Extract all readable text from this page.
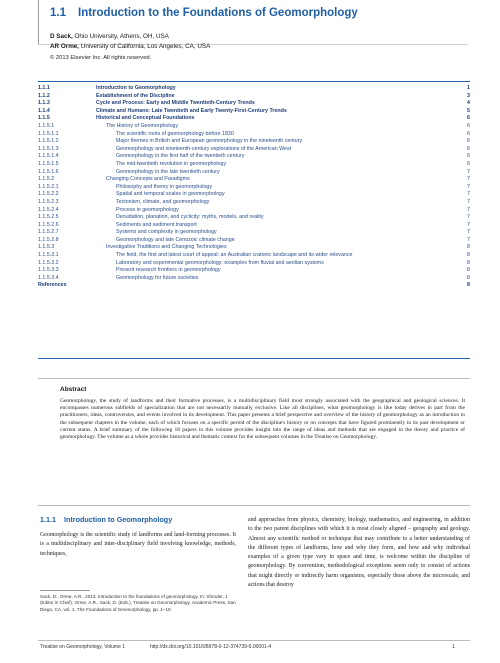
1.1 Introduction to the Foundations of Geomorphology
D Sack, Ohio University, Athens, OH, USA
AR Orme, University of California, Los Angeles, CA, USA
© 2013 Elsevier Inc. All rights reserved.
1.1.1	Introduction to Geomorphology	1
1.1.2	Establishment of the Discipline	3
1.1.3	Cycle and Process: Early and Middle Twentieth-Century Trends	4
1.1.4	Climate and Humans: Late Twentieth and Early Twenty-First-Century Trends	5
1.1.5	Historical and Conceptual Foundations	6
1.1.5.1	The History of Geomorphology	6
1.1.5.1.1	The scientific roots of geomorphology before 1830	6
1.1.5.1.2	Major themes in British and European geomorphology in the nineteenth century	6
1.1.5.1.3	Geomorphology and nineteenth-century explorations of the American West	6
1.1.5.1.4	Geomorphology in the first half of the twentieth century	6
1.1.5.1.5	The mid-twentieth revolution in geomorphology	6
1.1.5.1.6	Geomorphology in the late twentieth century	7
1.1.5.2	Changing Concepts and Paradigms	7
1.1.5.2.1	Philosophy and theory in geomorphology	7
1.1.5.2.2	Spatial and temporal scales in geomorphology	7
1.1.5.2.3	Tectonism, climate, and geomorphology	7
1.1.5.2.4	Process in geomorphology	7
1.1.5.2.5	Denudation, planation, and cyclicity: myths, models, and reality	7
1.1.5.2.6	Sediments and sediment transport	7
1.1.5.2.7	Systems and complexity in geomorphology	7
1.1.5.2.8	Geomorphology and late Cenozoic climate change	7
1.1.5.3	Investigative Traditions and Changing Technologies	8
1.1.5.3.1	The field, the first and latest court of appeal: an Australian cratonic landscape and its wider relevance	8
1.1.5.3.2	Laboratory and experimental geomorphology: examples from fluvial and aeolian systems	8
1.1.5.3.3	Present research frontiers in geomorphology	8
1.1.5.3.4	Geomorphology for future societies	8
References	8
Abstract
Geomorphology, the study of landforms and their formative processes, is a multidisciplinary field most strongly associated with the geographical and geological sciences. It encompasses numerous subfields of specialization that are not necessarily mutually exclusive. Like all disciplines, what geomorphology is like today derives in part from the practitioners, ideas, controversies, and events involved in its development. This paper presents a brief perspective and overview of the history of geomorphology as an introduction to the subsequent chapters in the volume, each of which focuses on a specific period of the discipline's history or on concepts that have figured prominently in its past development or current status. A brief summary of the following 18 papers in this volume provides insight into the range of ideas and methods that are engaged in the theory and practice of geomorphology. The volume as a whole provides historical and thematic context for the subsequent volumes in the Treatise on Geomorphology.
1.1.1 Introduction to Geomorphology
Geomorphology is the scientific study of landforms and land-forming processes. It is a multidisciplinary and inter-disciplinary field involving knowledge, methods, techniques,
and approaches from physics, chemistry, biology, mathematics, and engineering, in addition to the two parent disciplines with which it is most closely aligned – geography and geology. Almost any scientific method or technique that may contribute to a better understanding of the different types of landforms, how and why they form, and how and why individual examples of a given type vary in space and time, is welcome within the discipline of geomorphology. By convention, methodological exceptions seem only to consist of actions that might directly or indirectly harm organisms, especially those above the microscale, and actions that destroy
Sack, D., Orme, A.R., 2013. Introduction to the foundations of geomorphology. In: Shroder, J. (Editor in Chief), Orme, A.R., Sack, D. (Eds.), Treatise on Geomorphology. Academic Press, San Diego, CA, vol. 1, The Foundations of Geomorphology, pp. 1–10.
Treatise on Geomorphology, Volume 1	http://dx.doi.org/10.1016/B978-0-12-374739-6.00001-4	1
